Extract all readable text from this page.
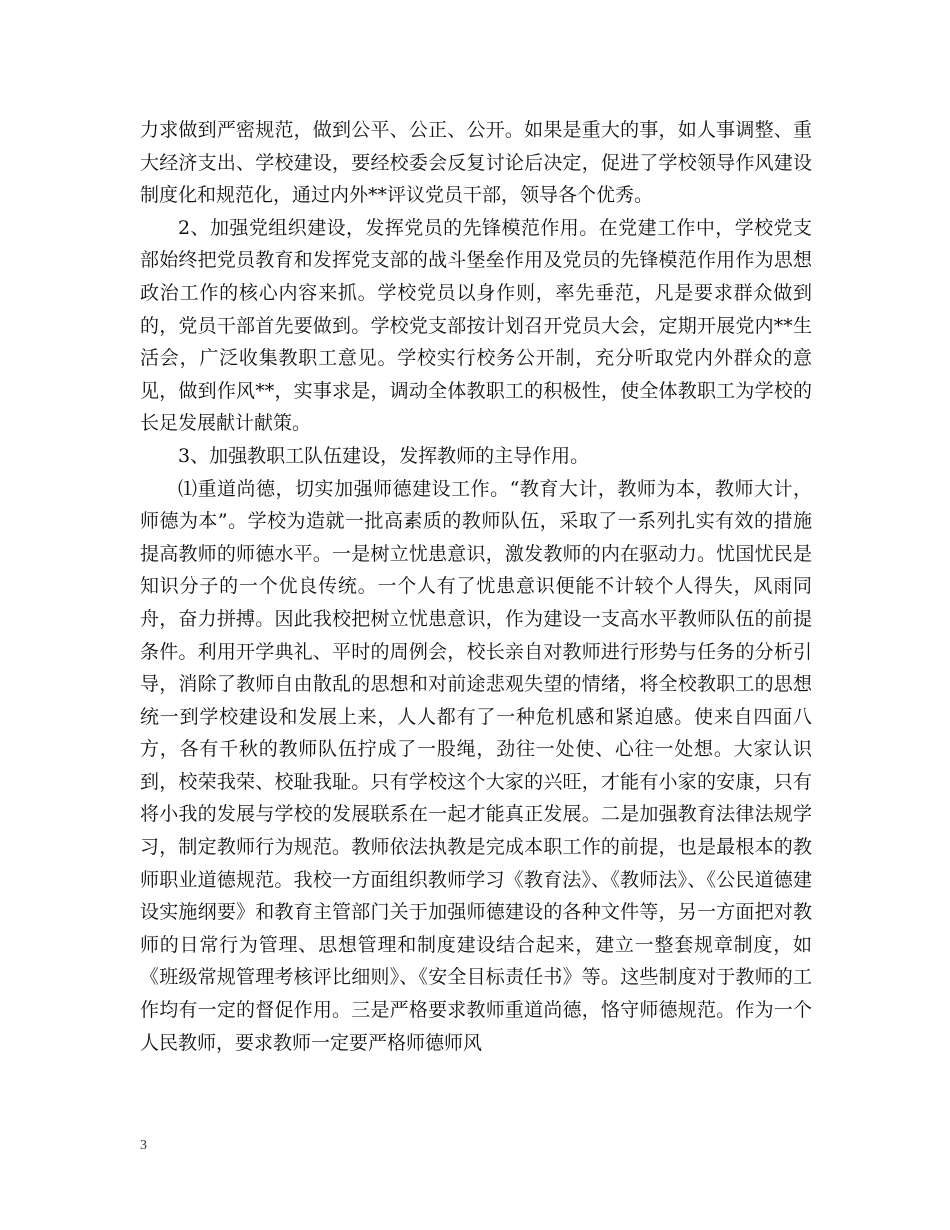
力求做到严密规范，做到公平、公正、公开。如果是重大的事，如人事调整、重大经济支出、学校建设，要经校委会反复讨论后决定，促进了学校领导作风建设制度化和规范化，通过内外**评议党员干部，领导各个优秀。

2、加强党组织建设，发挥党员的先锋模范作用。在党建工作中，学校党支部始终把党员教育和发挥党支部的战斗堡垒作用及党员的先锋模范作用作为思想政治工作的核心内容来抓。学校党员以身作则，率先垂范，凡是要求群众做到的，党员干部首先要做到。学校党支部按计划召开党员大会，定期开展党内**生活会，广泛收集教职工意见。学校实行校务公开制，充分听取党内外群众的意见，做到作风**，实事求是，调动全体教职工的积极性，使全体教职工为学校的长足发展献计献策。

3、加强教职工队伍建设，发挥教师的主导作用。

⑴重道尚德，切实加强师德建设工作。“教育大计，教师为本，教师大计，师德为本”。学校为造就一批高素质的教师队伍，采取了一系列扎实有效的措施提高教师的师德水平。一是树立忧患意识，激发教师的内在驱动力。忧国忧民是知识分子的一个优良传统。一个人有了忧患意识便能不计较个人得失，风雨同舟，奋力拼搏。因此我校把树立忧患意识，作为建设一支高水平教师队伍的前提条件。利用开学典礼、平时的周例会，校长亲自对教师进行形势与任务的分析引导，消除了教师自由散乱的思想和对前途悲观失望的情绪，将全校教职工的思想统一到学校建设和发展上来，人人都有了一种危机感和紧迫感。使来自四面八方，各有千秋的教师队伍拧成了一股绳，劲往一处使、心往一处想。大家认识到，校荣我荣、校耻我耻。只有学校这个大家的兴旺，才能有小家的安康，只有将小我的发展与学校的发展联系在一起才能真正发展。二是加强教育法律法规学习，制定教师行为规范。教师依法执教是完成本职工作的前提，也是最根本的教师职业道德规范。我校一方面组织教师学习《教育法》、《教师法》、《公民道德建设实施纲要》和教育主管部门关于加强师德建设的各种文件等，另一方面把对教师的日常行为管理、思想管理和制度建设结合起来，建立一整套规章制度，如《班级常规管理考核评比细则》、《安全目标责任书》等。这些制度对于教师的工作均有一定的督促作用。三是严格要求教师重道尚德，恪守师德规范。作为一个人民教师，要求教师一定要严格师德师风

3
